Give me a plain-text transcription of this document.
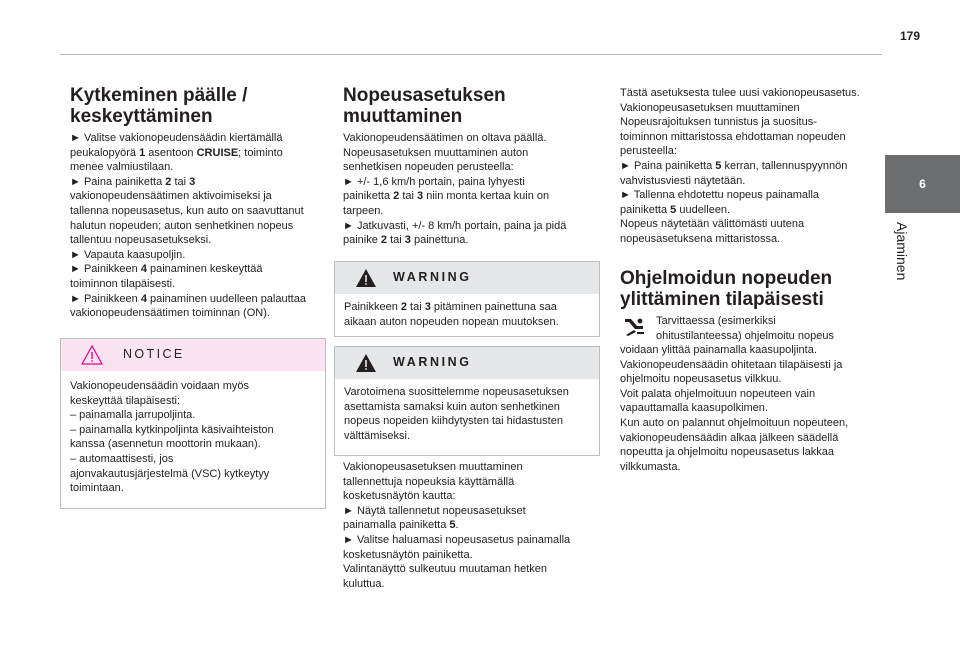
179
6
Ajaminen

Kytkeminen päälle /
keskeyttäminen

► Valitse vakionopeudensäädin kiertämällä

peukalopyörä 1 asentoon CRUISE; toiminto

menee valmiustilaan.

► Paina painiketta 2 tai 3

vakionopeudensäätimen aktivoimiseksi ja

tallenna nopeusasetus, kun auto on saavuttanut

halutun nopeuden; auton senhetkinen nopeus

tallentuu nopeusasetukseksi.

► Vapauta kaasupoljin.

► Painikkeen 4 painaminen keskeyttää

toiminnon tilapäisesti.

► Painikkeen 4 painaminen uudelleen palauttaa

vakionopeudensäätimen toiminnan (ON).

NOTICE

Vakionopeudensäädin voidaan myös

keskeyttää tilapäisesti:

– painamalla jarrupoljinta.

– painamalla kytkinpoljinta käsivaihteiston

kanssa (asennetun moottorin mukaan).

– automaattisesti, jos

ajonvakautusjärjestelmä (VSC) kytkeytyy

toimintaan.

Nopeusasetuksen
muuttaminen

Vakionopeudensäätimen on oltava päällä.

Nopeusasetuksen muuttaminen auton

senhetkisen nopeuden perusteella:

► +/- 1,6 km/h portain, paina lyhyesti

painiketta 2 tai 3 niin monta kertaa kuin on

tarpeen.

► Jatkuvasti, +/- 8 km/h portain, paina ja pidä

painike 2 tai 3 painettuna.

WARNING

Painikkeen 2 tai 3 pitäminen painettuna saa

aikaan auton nopeuden nopean muutoksen.

WARNING

Varotoimena suosittelemme nopeusasetuksen

asettamista samaksi kuin auton senhetkinen

nopeus nopeiden kiihdytysten tai hidastusten

välttämiseksi.

Vakionopeusasetuksen muuttaminen

tallennettuja nopeuksia käyttämällä

kosketusnäytön kautta:

► Näytä tallennetut nopeusasetukset

painamalla painiketta 5.

► Valitse haluamasi nopeusasetus painamalla

kosketusnäytön painiketta.

Valintanäyttö sulkeutuu muutaman hetken

kuluttua.

Tästä asetuksesta tulee uusi vakionopeusasetus.

Vakionopeusasetuksen muuttaminen

Nopeusrajoituksen tunnistus ja suositus-

toiminnon mittaristossa ehdottaman nopeuden

perusteella:

► Paina painiketta 5 kerran, tallennuspyynnön

vahvistusviesti näytetään.

► Tallenna ehdotettu nopeus painamalla

painiketta 5 uudelleen.

Nopeus näytetään välittömästi uutena

nopeusasetuksena mittaristossa.

Ohjelmoidun nopeuden
ylittäminen tilapäisesti

Tarvittaessa (esimerkiksi

ohitustilanteessa) ohjelmoitu nopeus

voidaan ylittää painamalla kaasupoljinta.

Vakionopeudensäädin ohitetaan tilapäisesti ja

ohjelmoitu nopeusasetus vilkkuu.

Voit palata ohjelmoituun nopeuteen vain

vapauttamalla kaasupolkimen.

Kun auto on palannut ohjelmoituun nopeuteen,

vakionopeudensäädin alkaa jälkeen säädellä

nopeutta ja ohjelmoitu nopeusasetus lakkaa

vilkkumasta.
